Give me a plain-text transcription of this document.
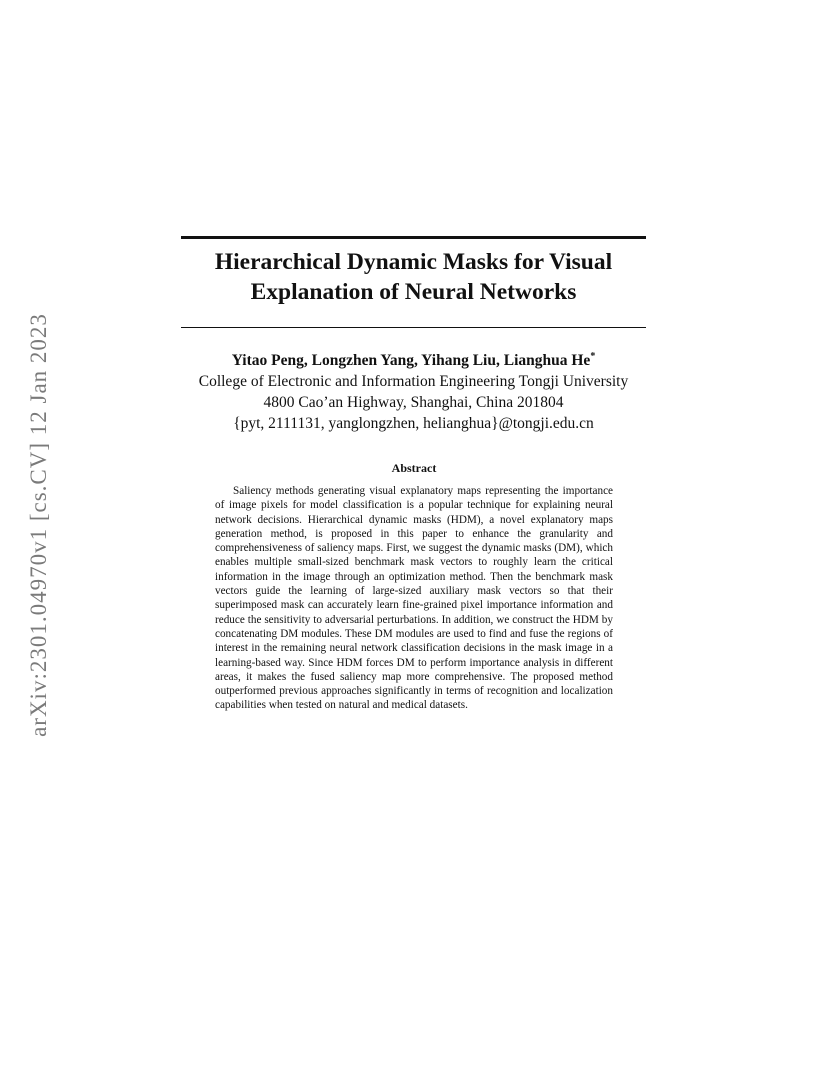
arXiv:2301.04970v1 [cs.CV] 12 Jan 2023
Hierarchical Dynamic Masks for Visual Explanation of Neural Networks
Yitao Peng, Longzhen Yang, Yihang Liu, Lianghua He*
College of Electronic and Information Engineering Tongji University
4800 Cao’an Highway, Shanghai, China 201804
{pyt, 2111131, yanglongzhen, helianghua}@tongji.edu.cn
Abstract
Saliency methods generating visual explanatory maps representing the importance of image pixels for model classification is a popular technique for explaining neural network decisions. Hierarchical dynamic masks (HDM), a novel explanatory maps generation method, is proposed in this paper to enhance the granularity and comprehensiveness of saliency maps. First, we suggest the dynamic masks (DM), which enables multiple small-sized benchmark mask vectors to roughly learn the critical information in the image through an optimization method. Then the benchmark mask vectors guide the learning of large-sized auxiliary mask vectors so that their superimposed mask can accurately learn fine-grained pixel importance information and reduce the sensitivity to adversarial perturbations. In addition, we construct the HDM by concatenating DM modules. These DM modules are used to find and fuse the regions of interest in the remaining neural network classification decisions in the mask image in a learning-based way. Since HDM forces DM to perform importance analysis in different areas, it makes the fused saliency map more comprehensive. The proposed method outperformed previous approaches significantly in terms of recognition and localization capabilities when tested on natural and medical datasets.
